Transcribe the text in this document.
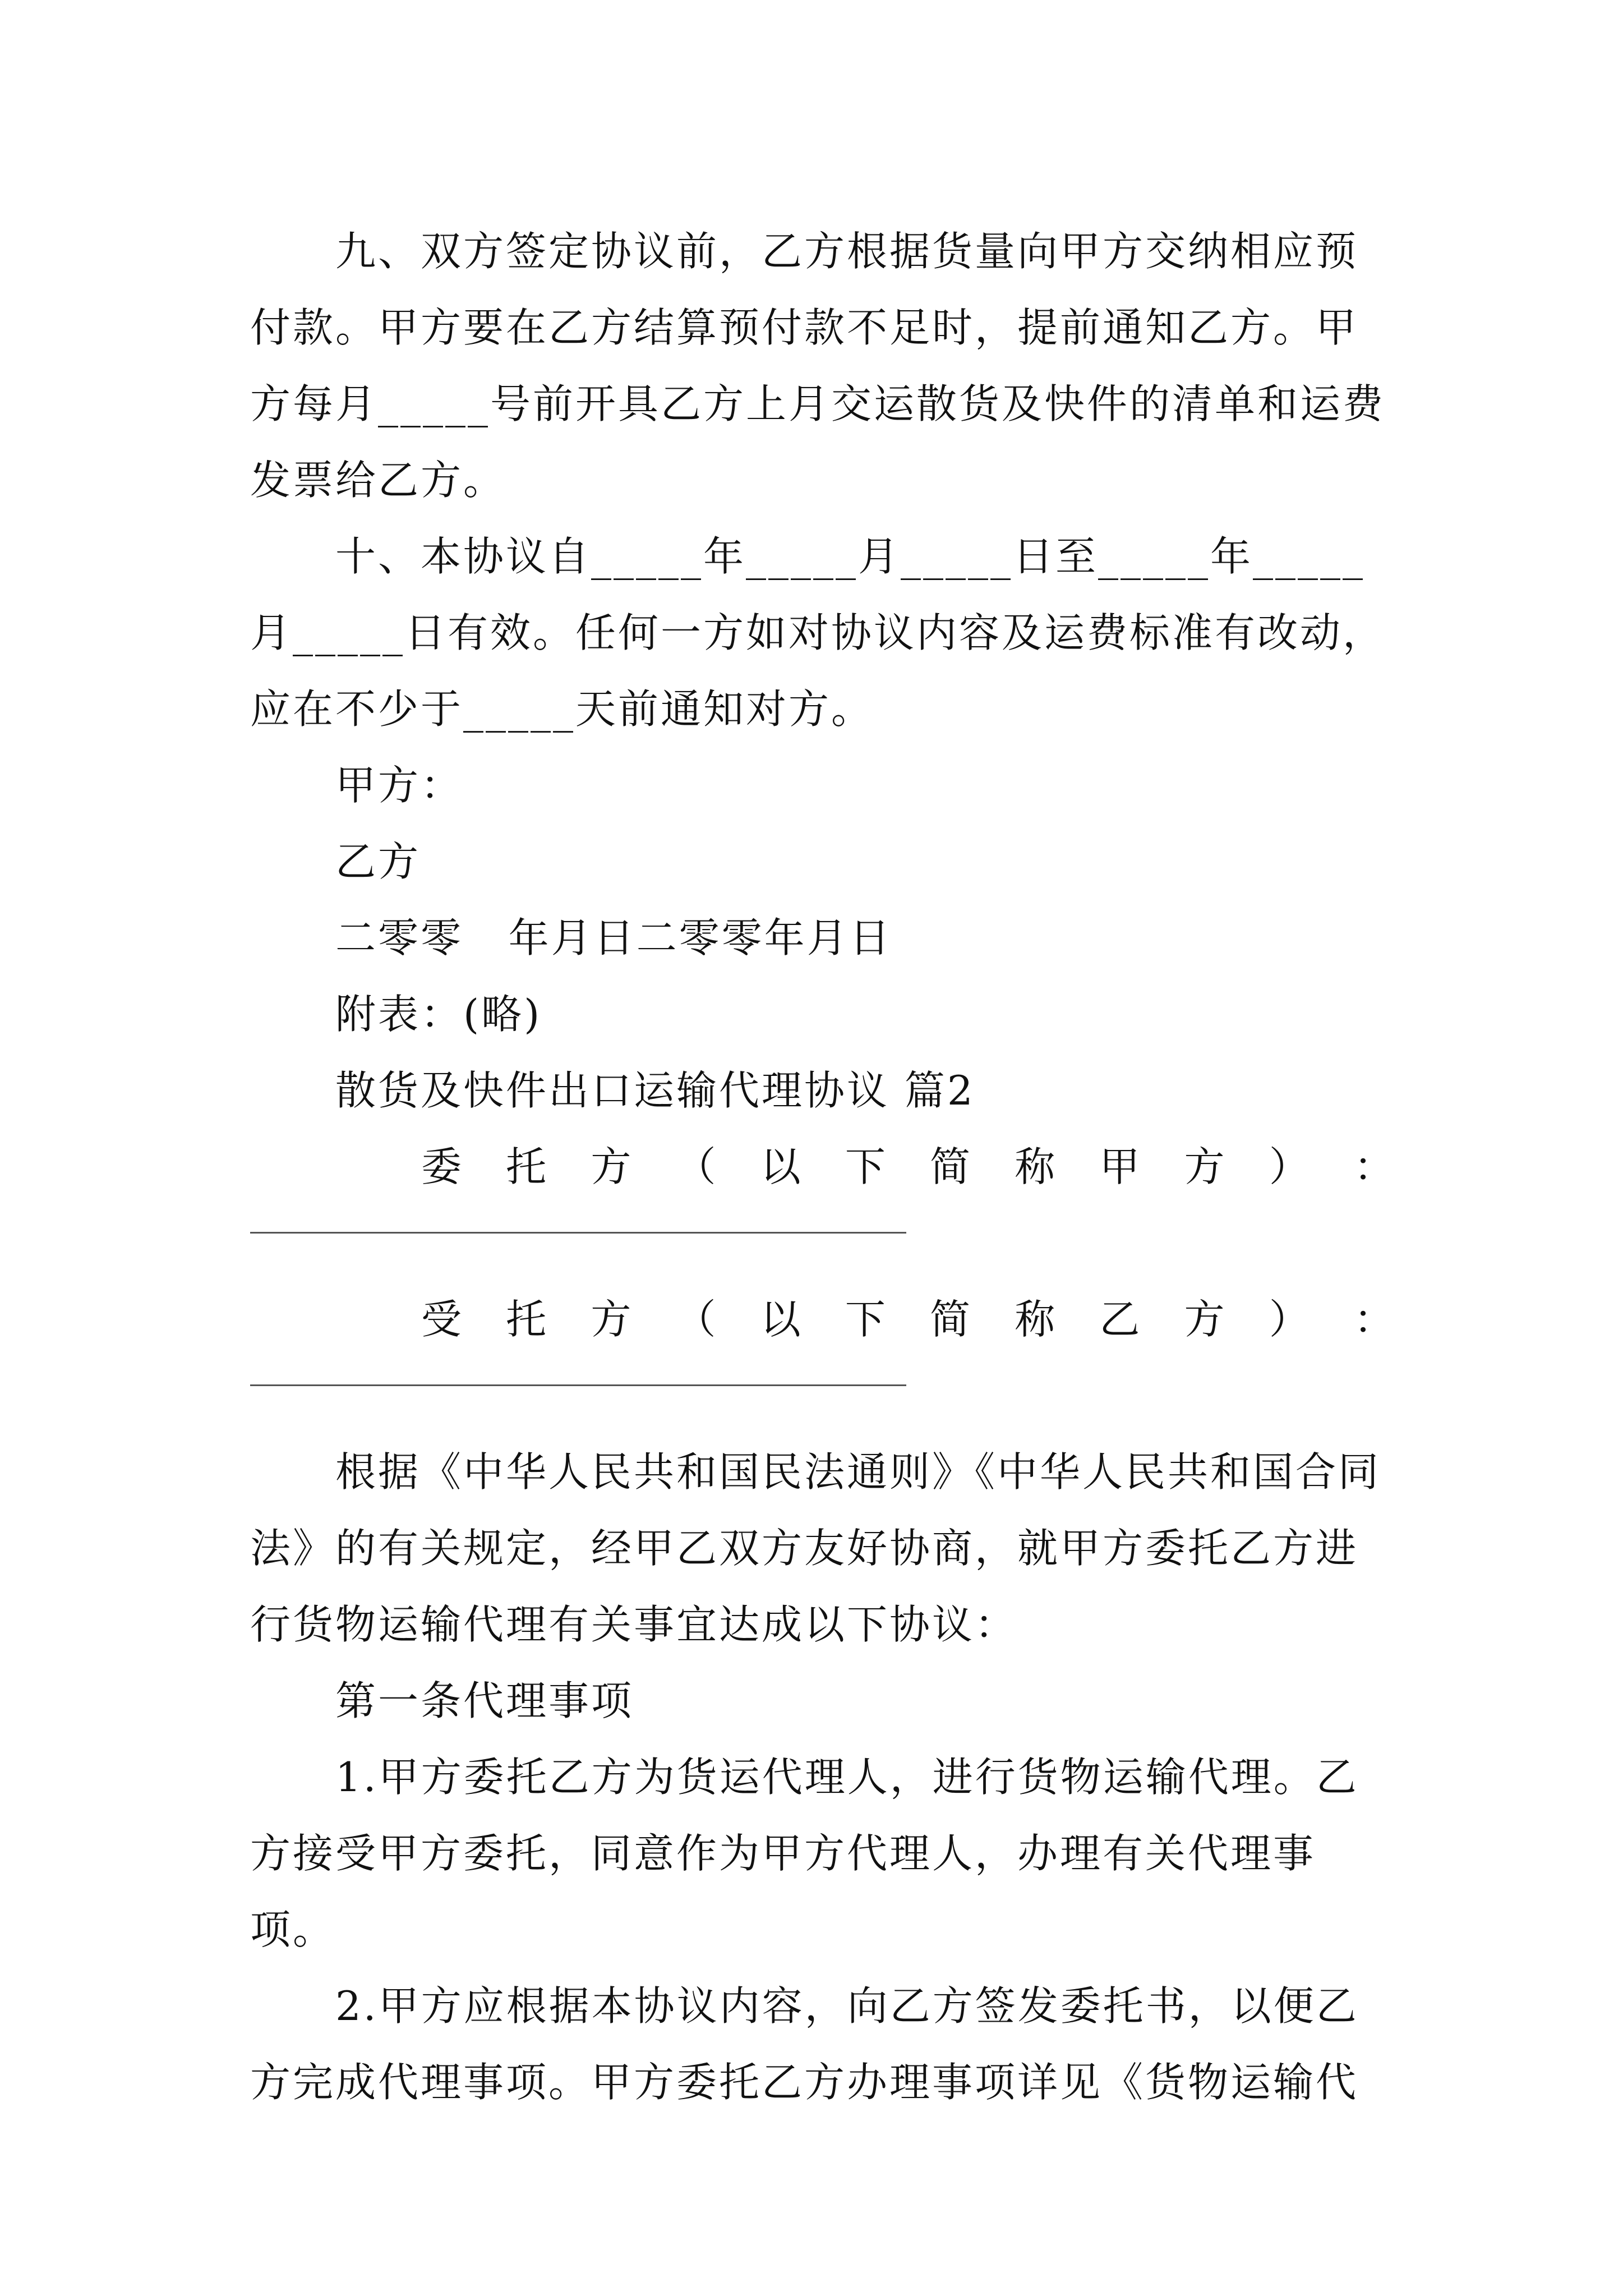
九、双方签定协议前，乙方根据货量向甲方交纳相应预付款。甲方要在乙方结算预付款不足时，提前通知乙方。甲方每月_____号前开具乙方上月交运散货及快件的清单和运费发票给乙方。

十、本协议自_____年_____月_____日至_____年_____月_____日有效。任何一方如对协议内容及运费标准有改动，应在不少于_____天前通知对方。

甲方：

乙方

二零零   年月日二零零年月日

附表：(略)

散货及快件出口运输代理协议 篇2

委 托 方 （ 以 下 简 称 甲 方 ） ：
受 托 方 （ 以 下 简 称 乙 方 ） ：

根据《中华人民共和国民法通则》《中华人民共和国合同法》的有关规定，经甲乙双方友好协商，就甲方委托乙方进行货物运输代理有关事宜达成以下协议：

第一条代理事项

1.甲方委托乙方为货运代理人，进行货物运输代理。乙方接受甲方委托，同意作为甲方代理人，办理有关代理事项。

2.甲方应根据本协议内容，向乙方签发委托书，以便乙方完成代理事项。甲方委托乙方办理事项详见《货物运输代
